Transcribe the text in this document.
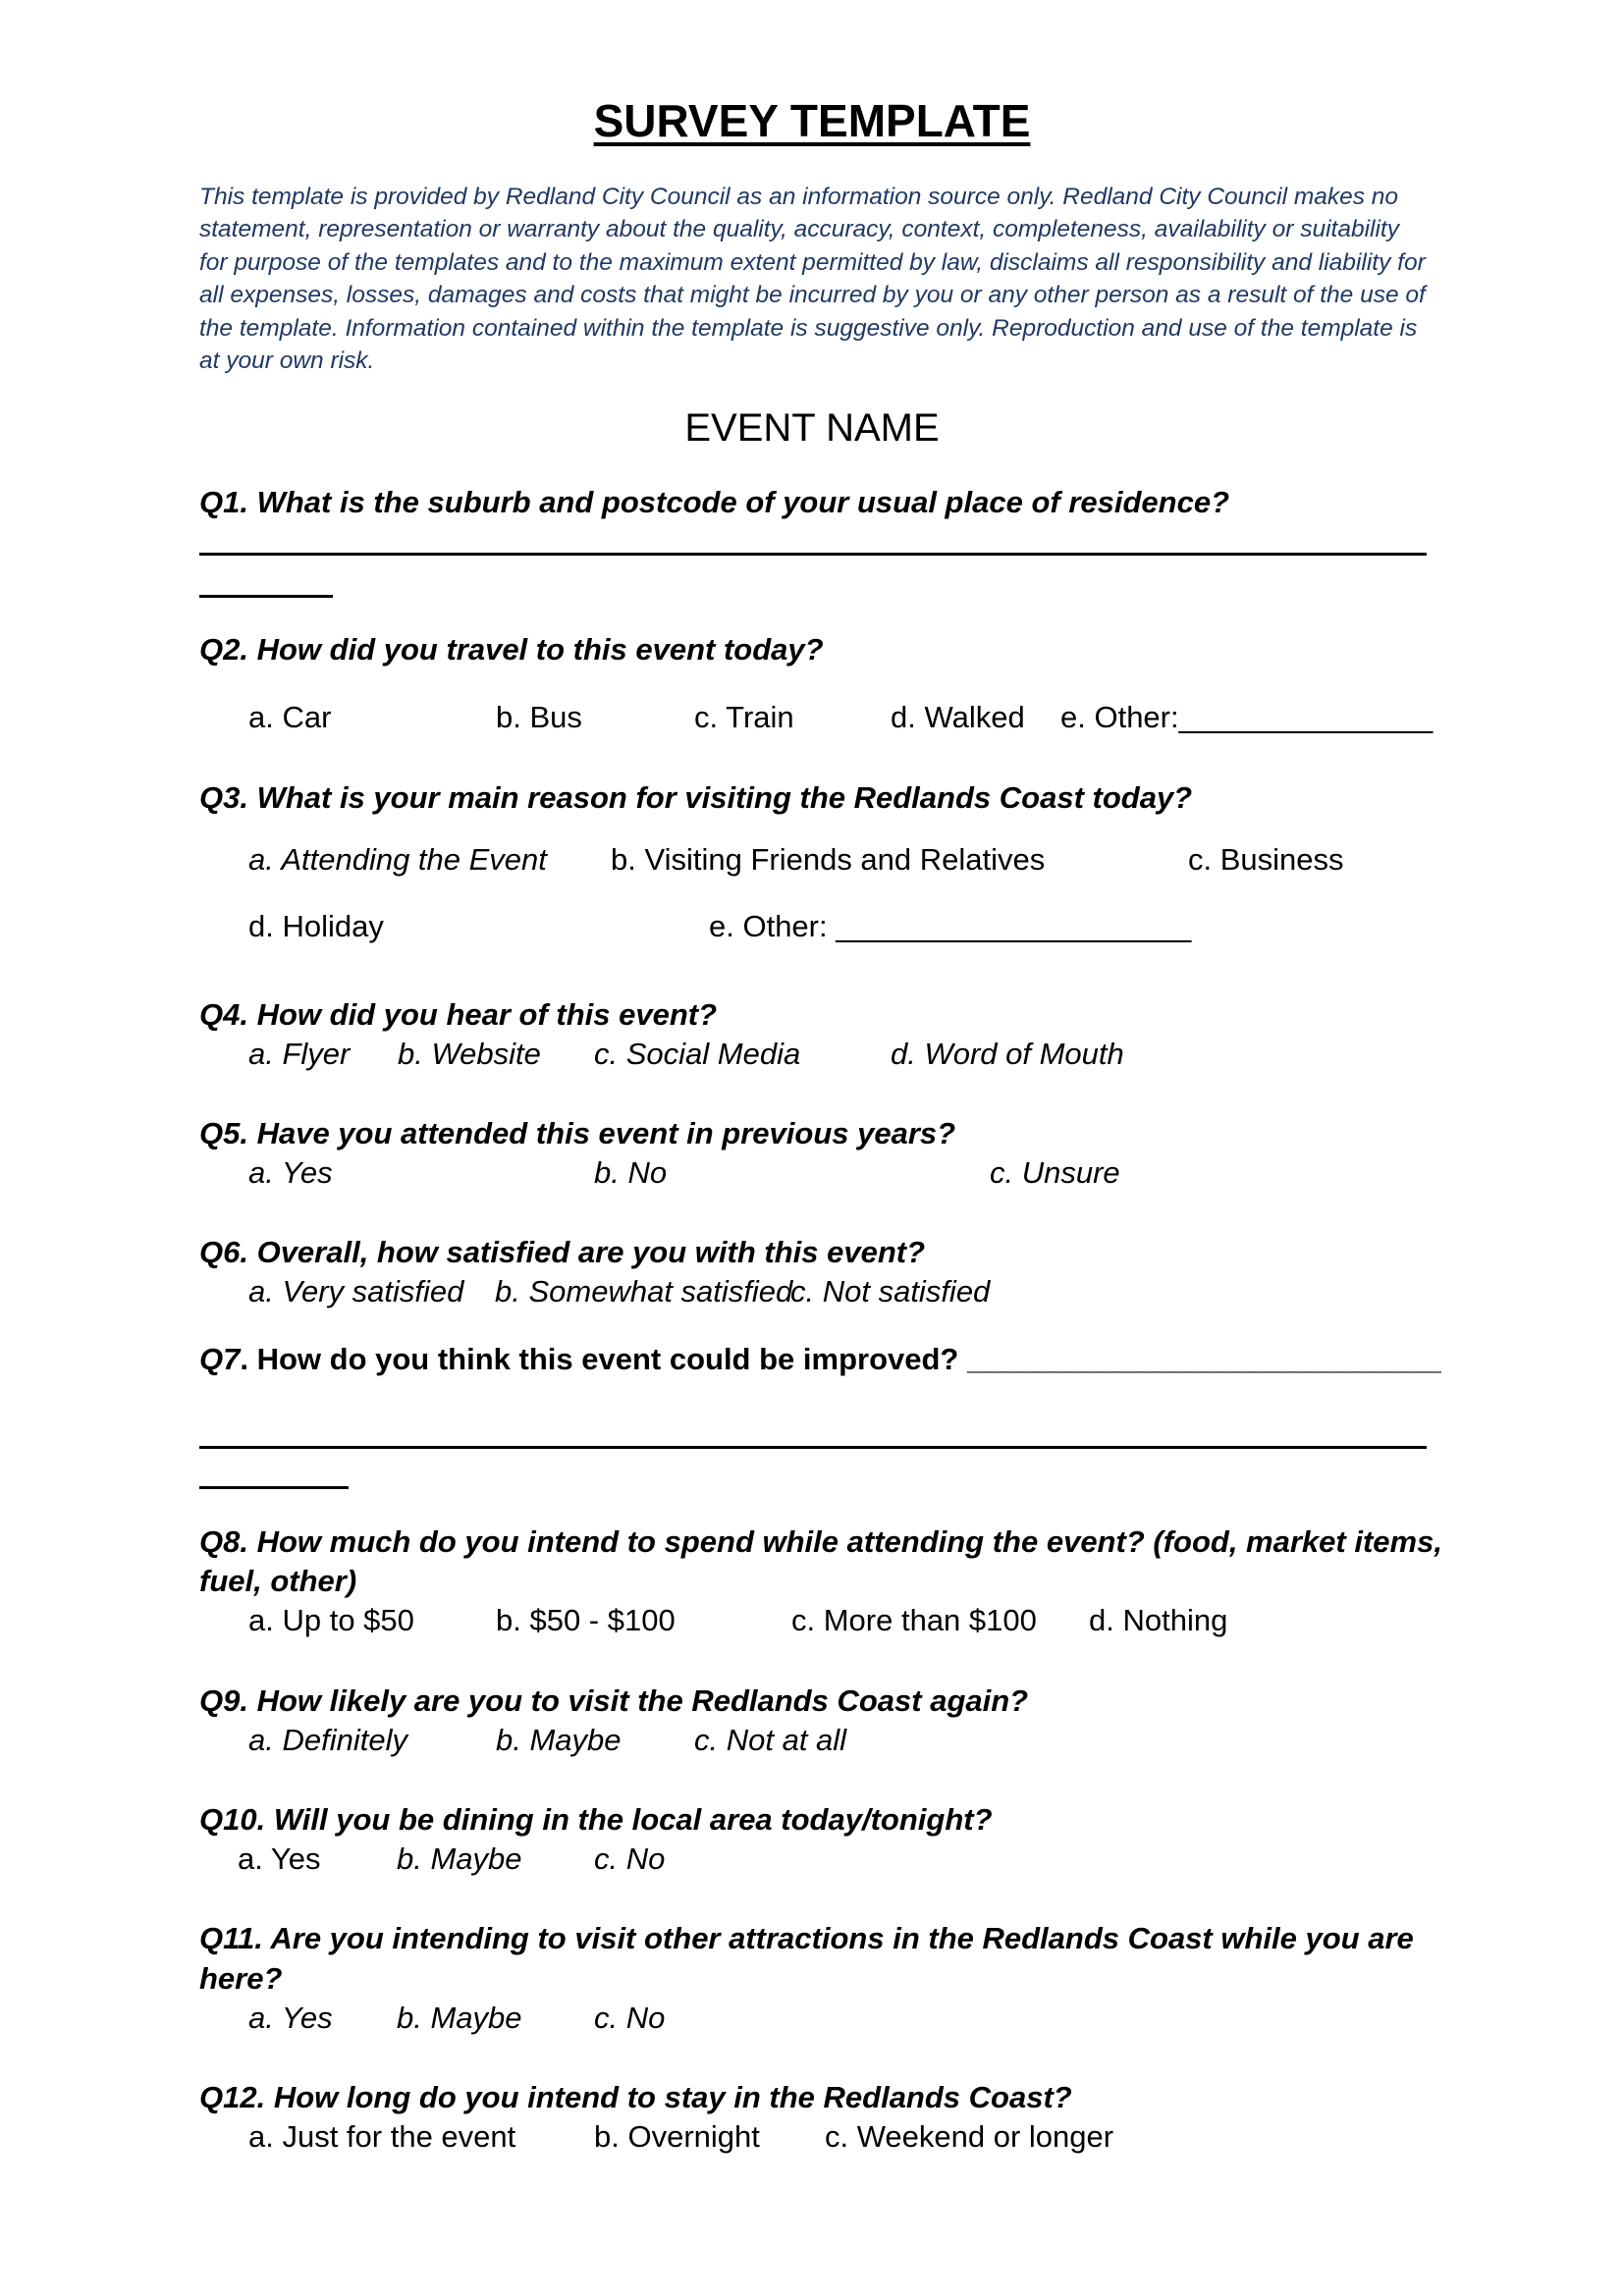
SURVEY TEMPLATE
This template is provided by Redland City Council as an information source only. Redland City Council makes no
statement, representation or warranty about the quality, accuracy, context, completeness, availability or suitability
for purpose of the templates and to the maximum extent permitted by law, disclaims all responsibility and liability for
all expenses, losses, damages and costs that might be incurred by you or any other person as a result of the use of
the template. Information contained within the template is suggestive only. Reproduction and use of the template is
at your own risk.
EVENT NAME
Q1. What is the suburb and postcode of your usual place of residence?
Q2. How did you travel to this event today?
a. Car	b. Bus	c. Train	d. Walked e. Other:_______________
Q3. What is your main reason for visiting the Redlands Coast today?
a. Attending the Event b. Visiting Friends and Relatives	c. Business
d. Holiday	e. Other: _____________________
Q4. How did you hear of this event?
a. Flyer b. Website c. Social Media	d. Word of Mouth
Q5. Have you attended this event in previous years?
a. Yes	b. No	c. Unsure
Q6. Overall, how satisfied are you with this event?
a. Very satisfied b. Somewhat satisfied
c. Not satisfied
Q7. How do you think this event could be improved? ____________________________
Q8. How much do you intend to spend while attending the event? (food, market items,
fuel, other)
a. Up to $50	b. $50 - $100	c. More than $100 d. Nothing
Q9. How likely are you to visit the Redlands Coast again?
a. Definitely	b. Maybe c. Not at all
Q10. Will you be dining in the local area today/tonight?
a. Yes	b. Maybe c. No
Q11. Are you intending to visit other attractions in the Redlands Coast while you are
here?
a. Yes b. Maybe c. No
Q12. How long do you intend to stay in the Redlands Coast?
a. Just for the event	b. Overnight c. Weekend or longer
